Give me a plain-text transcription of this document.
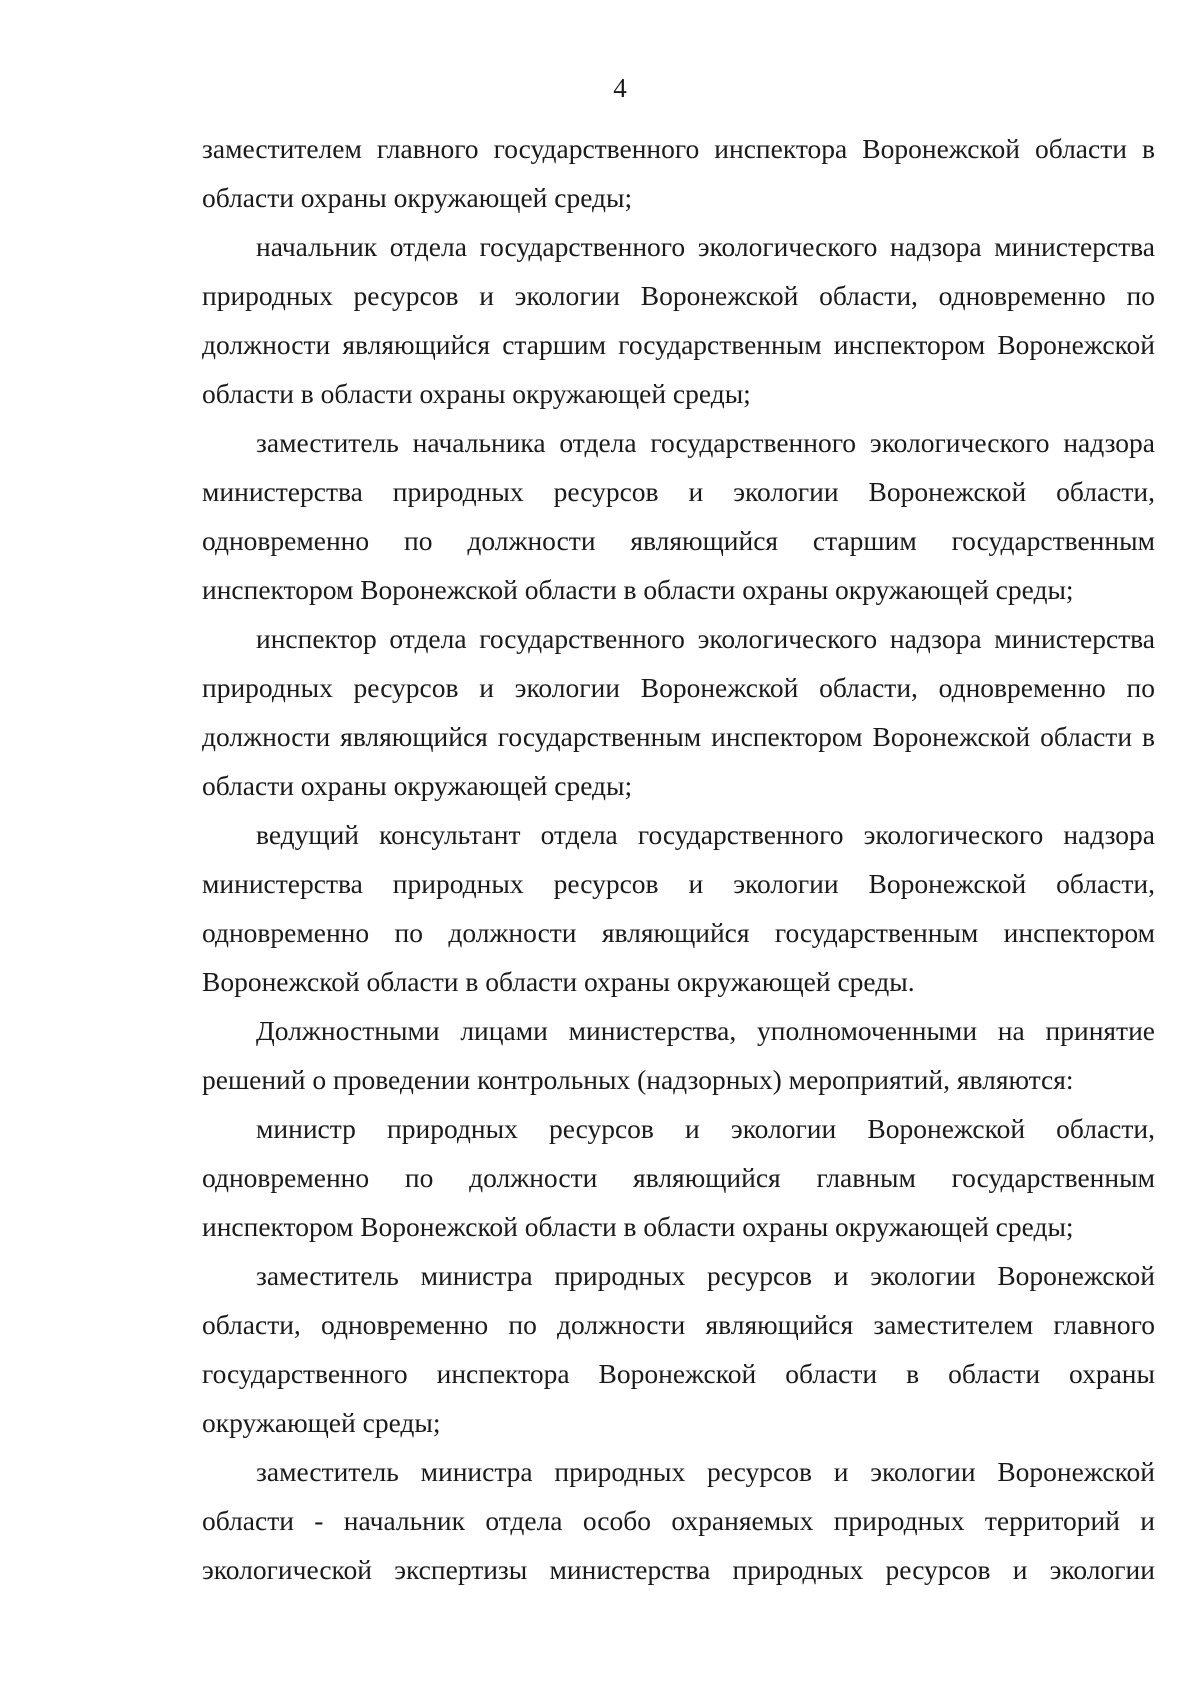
4

заместителем главного государственного инспектора Воронежской области в области охраны окружающей среды;

начальник отдела государственного экологического надзора министерства природных ресурсов и экологии Воронежской области, одновременно по должности являющийся старшим государственным инспектором Воронежской области в области охраны окружающей среды;

заместитель начальника отдела государственного экологического надзора министерства природных ресурсов и экологии Воронежской области, одновременно по должности являющийся старшим государственным инспектором Воронежской области в области охраны окружающей среды;

инспектор отдела государственного экологического надзора министерства природных ресурсов и экологии Воронежской области, одновременно по должности являющийся государственным инспектором Воронежской области в области охраны окружающей среды;

ведущий консультант отдела государственного экологического надзора министерства природных ресурсов и экологии Воронежской области, одновременно по должности являющийся государственным инспектором Воронежской области в области охраны окружающей среды.

Должностными лицами министерства, уполномоченными на принятие решений о проведении контрольных (надзорных) мероприятий, являются:

министр природных ресурсов и экологии Воронежской области, одновременно по должности являющийся главным государственным инспектором Воронежской области в области охраны окружающей среды;

заместитель министра природных ресурсов и экологии Воронежской области, одновременно по должности являющийся заместителем главного государственного инспектора Воронежской области в области охраны окружающей среды;

заместитель министра природных ресурсов и экологии Воронежской области - начальник отдела особо охраняемых природных территорий и экологической экспертизы министерства природных ресурсов и экологии
